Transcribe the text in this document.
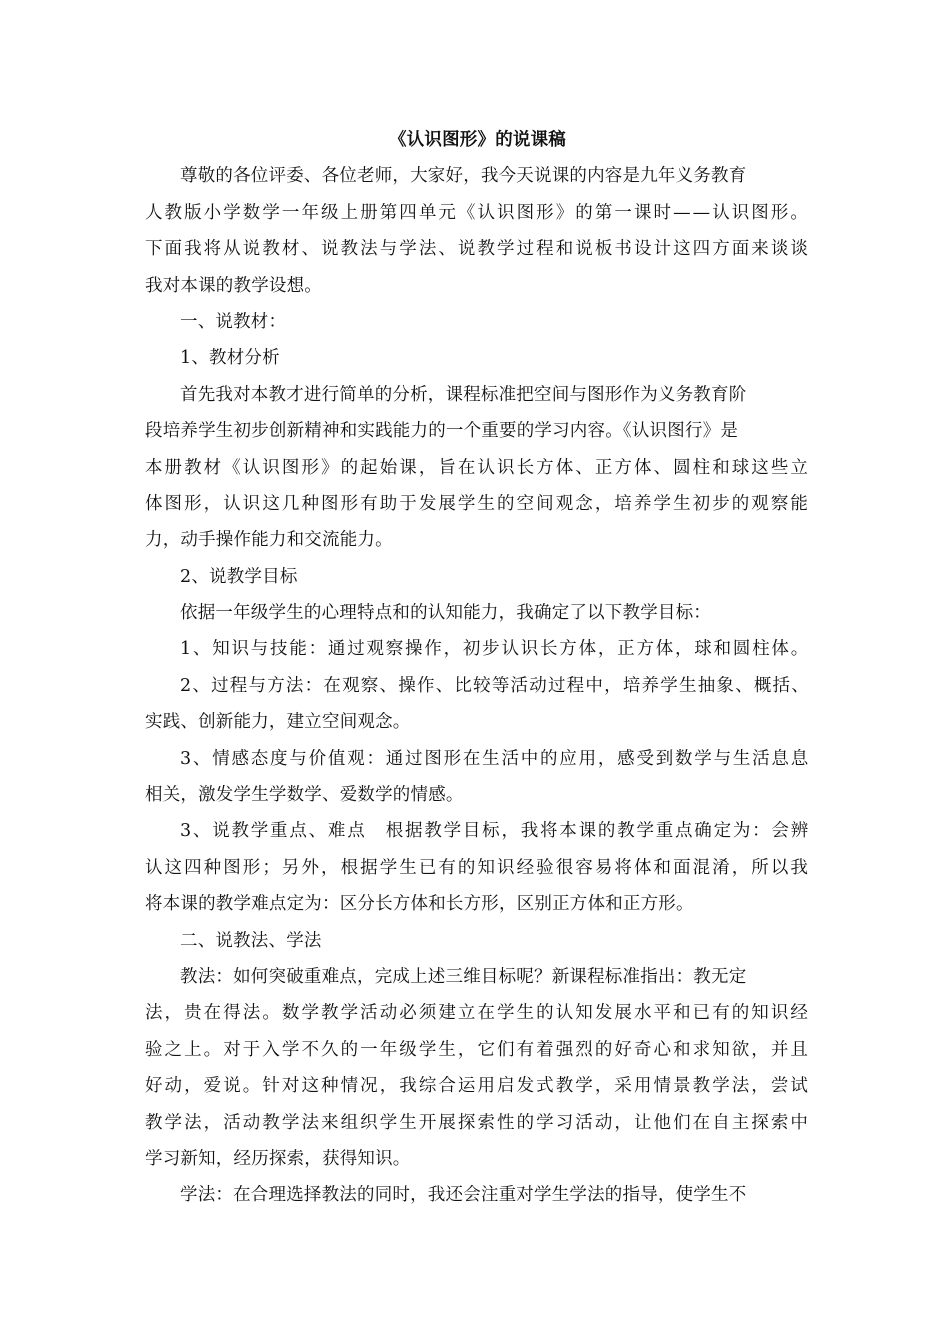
《认识图形》的说课稿
尊敬的各位评委、各位老师，大家好，我今天说课的内容是九年义务教育
人教版小学数学一年级上册第四单元《认识图形》的第一课时——认识图形。
下面我将从说教材、说教法与学法、说教学过程和说板书设计这四方面来谈谈
我对本课的教学设想。
一、说教材：
1、教材分析
首先我对本教才进行简单的分析，课程标准把空间与图形作为义务教育阶
段培养学生初步创新精神和实践能力的一个重要的学习内容。《认识图行》是
本册教材《认识图形》的起始课，旨在认识长方体、正方体、圆柱和球这些立
体图形，认识这几种图形有助于发展学生的空间观念，培养学生初步的观察能
力，动手操作能力和交流能力。
2、说教学目标
依据一年级学生的心理特点和的认知能力，我确定了以下教学目标：
1、知识与技能：通过观察操作，初步认识长方体，正方体，球和圆柱体。
2、过程与方法：在观察、操作、比较等活动过程中，培养学生抽象、概括、
实践、创新能力，建立空间观念。
3、情感态度与价值观：通过图形在生活中的应用，感受到数学与生活息息
相关，激发学生学数学、爱数学的情感。
3、说教学重点、难点　根据教学目标，我将本课的教学重点确定为：会辨
认这四种图形；另外，根据学生已有的知识经验很容易将体和面混淆，所以我
将本课的教学难点定为：区分长方体和长方形，区别正方体和正方形。
二、说教法、学法
教法：如何突破重难点，完成上述三维目标呢？新课程标准指出：教无定
法，贵在得法。数学教学活动必须建立在学生的认知发展水平和已有的知识经
验之上。对于入学不久的一年级学生，它们有着强烈的好奇心和求知欲，并且
好动，爱说。针对这种情况，我综合运用启发式教学，采用情景教学法，尝试
教学法，活动教学法来组织学生开展探索性的学习活动，让他们在自主探索中
学习新知，经历探索，获得知识。
学法：在合理选择教法的同时，我还会注重对学生学法的指导，使学生不
